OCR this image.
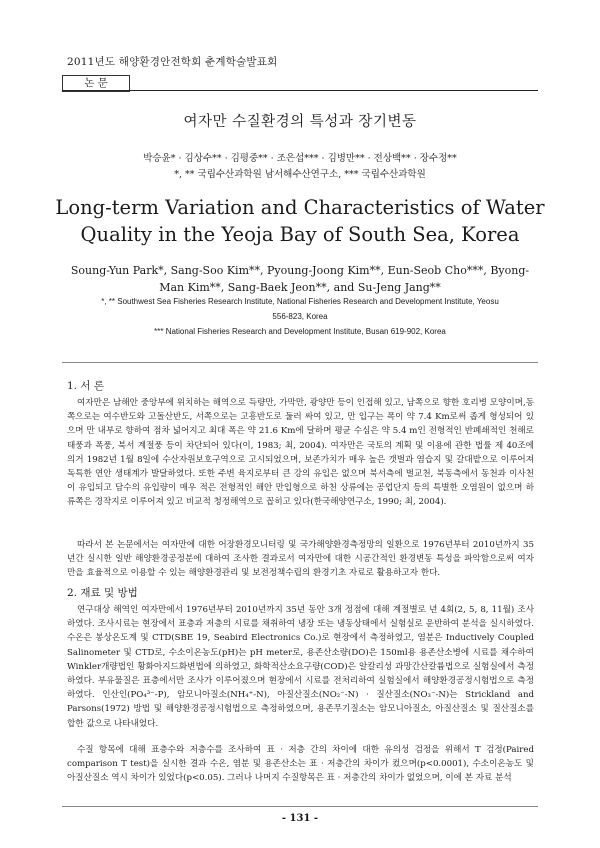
2011년도 해양환경안전학회 춘계학술발표회
논 문
여자만 수질환경의 특성과 장기변동
박승윤* · 김상수** · 김평중** · 조은섭*** · 김병만** · 전상백** · 장수정**
*, ** 국립수산과학원 남서해수산연구소, *** 국립수산과학원
Long-term Variation and Characteristics of Water Quality in the Yeoja Bay of South Sea, Korea
Soung-Yun Park*, Sang-Soo Kim**, Pyoung-Joong Kim**, Eun-Seob Cho***, Byong-Man Kim**, Sang-Baek Jeon**, and Su-Jeng Jang**
*, ** Southwest Sea Fisheries Research Institute, National Fisheries Research and Development Institute, Yeosu
556-823, Korea
*** National Fisheries Research and Development Institute, Busan 619-902, Korea
1. 서 론
여자만은 남해안 중앙부에 위치하는 해역으로 득량만, 가막만, 광양만 등이 인접해 있고, 남쪽으로 향한 호리병 모양이며,동쪽으로는 여수반도와 고돌산반도, 서쪽으로는 고흥반도로 둘러 싸여 있고, 만 입구는 폭이 약 7.4 Km로써 좁게 형성되어 있으며 만 내부로 향하여 점차 넓어지고 최대 폭은 약 21.6 Km에 달하며 평균 수심은 약 5.4 m인 전형적인 반폐쇄적인 천해로 태풍과 폭풍, 북서 계절풍 등이 차단되어 있다(이, 1983; 최, 2004). 여자만은 국토의 계획 및 이용에 관한 법률 제 40조에 의거 1982년 1월 8일에 수산자원보호구역으로 고시되었으며, 보존가치가 매우 높은 갯벌과 염습지 및 갈대밭으로 이루어져 독특한 연안 생태계가 발달하였다. 또한 주변 육지로부터 큰 강의 유입은 없으며 북서측에 벌교천, 북동측에서 동천과 이사천이 유입되고 담수의 유입량이 매우 적은 전형적인 해안 만입형으로 하천 상류에는 공업단지 등의 특별한 오염원이 없으며 하류쪽은 경작지로 이루어져 있고 비교적 청정해역으로 꼽히고 있다(한국해양연구소, 1990; 최, 2004).
따라서 본 논문에서는 여자만에 대한 어장환경모니터링 및 국가해양환경측정망의 일환으로 1976년부터 2010년까지 35년간 실시한 일반 해양환경공정분에 대하여 조사한 결과로서 여자만에 대한 시공간적인 환경변동 특성을 파악함으로써 여자만을 효율적으로 이용할 수 있는 해양환경관리 및 보전정책수립의 환경기초 자료로 활용하고자 한다.
2. 재료 및 방법
연구대상 해역인 여자만에서 1976년부터 2010년까지 35년 동안 3개 정점에 대해 계절별로 년 4회(2, 5, 8, 11월) 조사하였다. 조사시료는 현장에서 표층과 저층의 시료를 채취하여 냉장 또는 냉동상태에서 실험실로 운반하여 분석을 실시하였다. 수온은 봉상온도계 및 CTD(SBE 19, Seabird Electronics Co.)로 현장에서 측정하였고, 염분은 Inductively Coupled Salinometer 및 CTD로, 수소이온농도(pH)는 pH meter로, 용존산소량(DO)은 150ml용 용존산소병에 시료를 채수하여 Winkler개량법인 황화아지드화변법에 의하였고, 화학적산소요구량(COD)은 알칼리성 과망간산칼륨법으로 실험실에서 측정하였다. 부유물질은 표층에서만 조사가 이루어졌으며 현장에서 시료를 전처리하여 실험실에서 해양환경공정시험법으로 측정하였다. 인산인(PO₄³⁻-P), 암모니아질소(NH₄⁺-N), 아질산질소(NO₂⁻-N) · 질산질소(NO₃⁻-N)는 Strickland and Parsons(1972) 방법 및 해양환경공정시험법으로 측정하였으며, 용존무기질소는 암모니아질소, 아질산질소 및 질산질소를 합한 값으로 나타내었다.
수질 항목에 대해 표층수와 저층수를 조사하여 표 · 저층 간의 차이에 대한 유의성 검정을 위해서 T 검정(Paired comparison T test)을 실시한 결과 수온, 염분 및 용존산소는 표 · 저층간의 차이가 컸으며(p<0.0001), 수소이온농도 및 아질산질소 역시 차이가 있었다(p<0.05). 그러나 나머지 수질항목은 표 · 저층간의 차이가 없었으며, 이에 본 자료 분석
- 131 -
